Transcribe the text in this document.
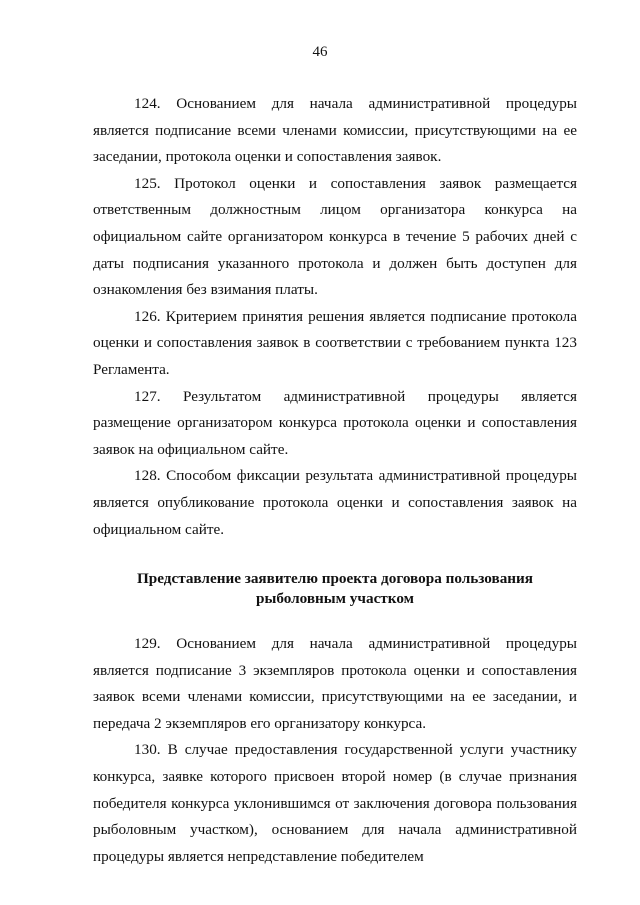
46

124. Основанием для начала административной процедуры является подписание всеми членами комиссии, присутствующими на ее заседании, протокола оценки и сопоставления заявок.

125. Протокол оценки и сопоставления заявок размещается ответственным должностным лицом организатора конкурса на официальном сайте организатором конкурса в течение 5 рабочих дней с даты подписания указанного протокола и должен быть доступен для ознакомления без взимания платы.

126. Критерием принятия решения является подписание протокола оценки и сопоставления заявок в соответствии с требованием пункта 123 Регламента.

127. Результатом административной процедуры является размещение организатором конкурса протокола оценки и сопоставления заявок на официальном сайте.

128. Способом фиксации результата административной процедуры является опубликование протокола оценки и сопоставления заявок на официальном сайте.

Представление заявителю проекта договора пользования
рыболовным участком

129. Основанием для начала административной процедуры является подписание 3 экземпляров протокола оценки и сопоставления заявок всеми членами комиссии, присутствующими на ее заседании, и передача 2 экземпляров его организатору конкурса.

130. В случае предоставления государственной услуги участнику конкурса, заявке которого присвоен второй номер (в случае признания победителя конкурса уклонившимся от заключения договора пользования рыболовным участком), основанием для начала административной процедуры является непредставление победителем
